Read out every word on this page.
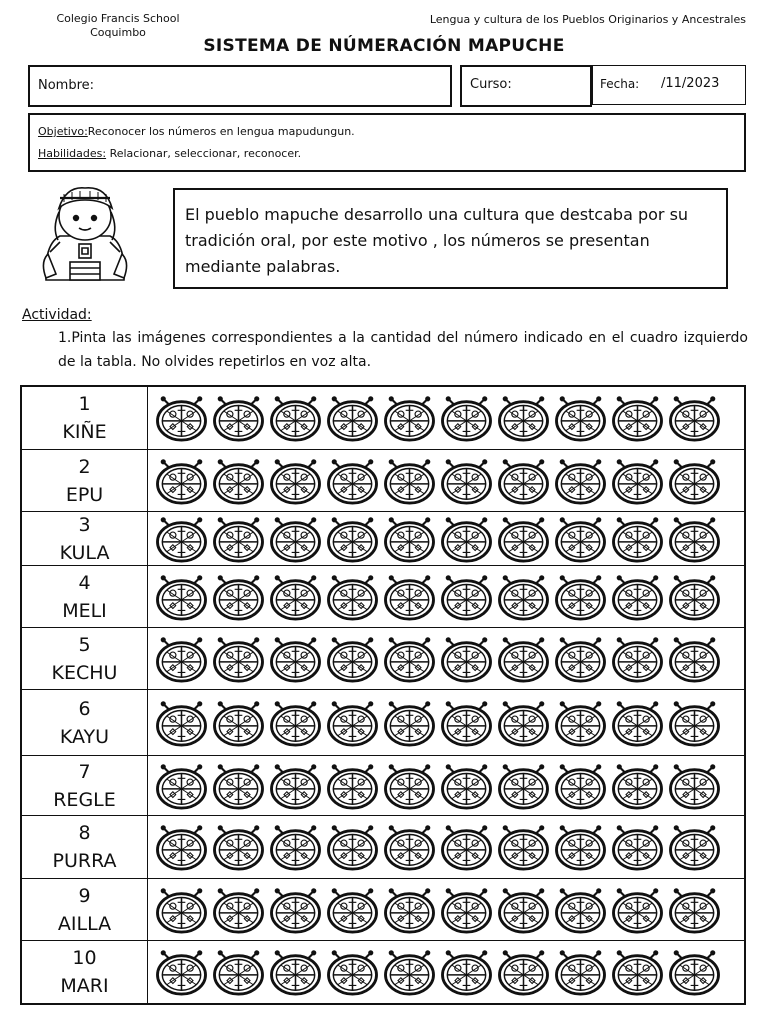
Colegio Francis School
Coquimbo
Lengua y cultura de los Pueblos Originarios y Ancestrales
SISTEMA DE NÚMERACIÓN MAPUCHE
Nombre:	Curso:	Fecha: /11/2023
Objetivo:Reconocer los números en lengua mapudungun.
Habilidades: Relacionar, seleccionar, reconocer.
El pueblo mapuche desarrollo una cultura que destcaba por su tradición oral, por este motivo , los números se presentan mediante palabras.
Actividad:
1.Pinta las imágenes correspondientes a la cantidad del número indicado en el cuadro izquierdo de la tabla. No olvides repetirlos en voz alta.
1
KIÑE
2
EPU
3
KULA
4
MELI
5
KECHU
6
KAYU
7
REGLE
8
PURRA
9
AILLA
10
MARI
